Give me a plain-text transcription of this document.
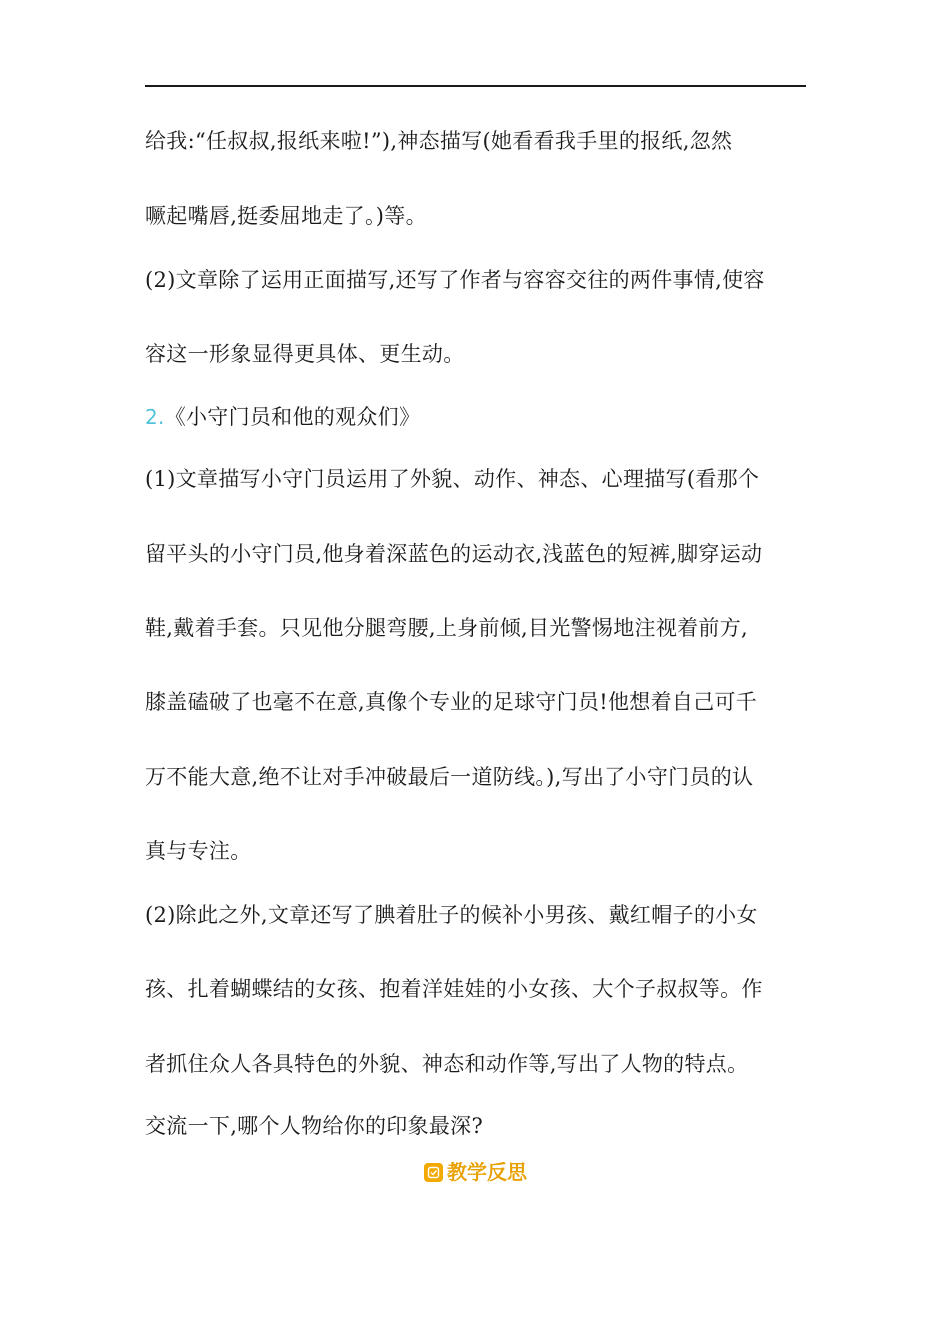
给我:“任叔叔,报纸来啦!”),神态描写(她看看我手里的报纸,忽然
噘起嘴唇,挺委屈地走了。)等。
(2)文章除了运用正面描写,还写了作者与容容交往的两件事情,使容
容这一形象显得更具体、更生动。
2.《小守门员和他的观众们》
(1)文章描写小守门员运用了外貌、动作、神态、心理描写(看那个
留平头的小守门员,他身着深蓝色的运动衣,浅蓝色的短裤,脚穿运动
鞋,戴着手套。只见他分腿弯腰,上身前倾,目光警惕地注视着前方,
膝盖磕破了也毫不在意,真像个专业的足球守门员!他想着自己可千
万不能大意,绝不让对手冲破最后一道防线。),写出了小守门员的认
真与专注。
(2)除此之外,文章还写了腆着肚子的候补小男孩、戴红帽子的小女
孩、扎着蝴蝶结的女孩、抱着洋娃娃的小女孩、大个子叔叔等。作
者抓住众人各具特色的外貌、神态和动作等,写出了人物的特点。
交流一下,哪个人物给你的印象最深?
教学反思
